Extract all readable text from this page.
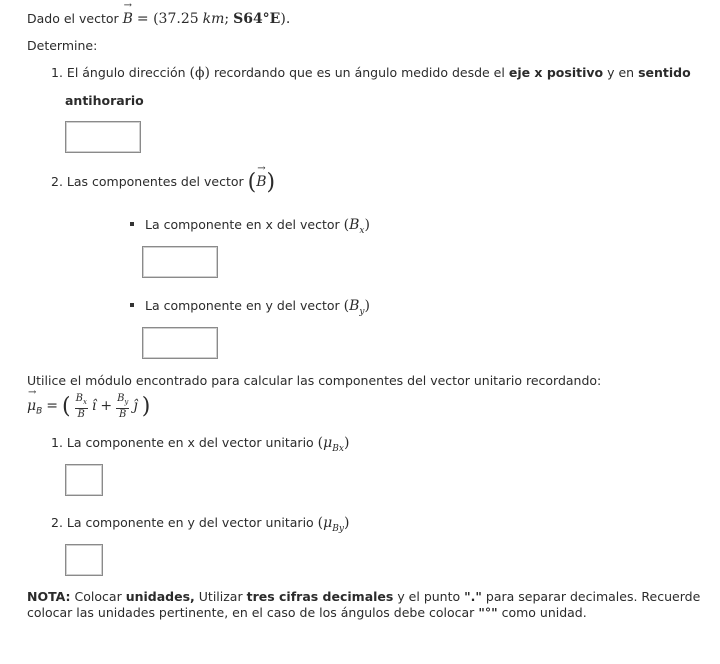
Dado el vector → B = (37.25 km; S64°E).
Determine:
1. El ángulo dirección (ϕ) recordando que es un ángulo medido desde el eje x positivo y en sentido
antihorario
2. Las componentes del vector (→ B)
La componente en x del vector $(B_x)$
La componente en y del vector $(B_y)$
Utilice el módulo encontrado para calcular las componentes del vector unitario recordando:
→ $\mu_B$ = ( $\frac{B_x}{B}$ î + $\frac{B_y}{B}$ ĵ )
1. La componente en x del vector unitario $(\mu_{Bx})$
2. La componente en y del vector unitario $(\mu_{By})$
NOTA: Colocar unidades, Utilizar tres cifras decimales y el punto "." para separar decimales. Recuerde colocar las unidades pertinente, en el caso de los ángulos debe colocar "°" como unidad.
